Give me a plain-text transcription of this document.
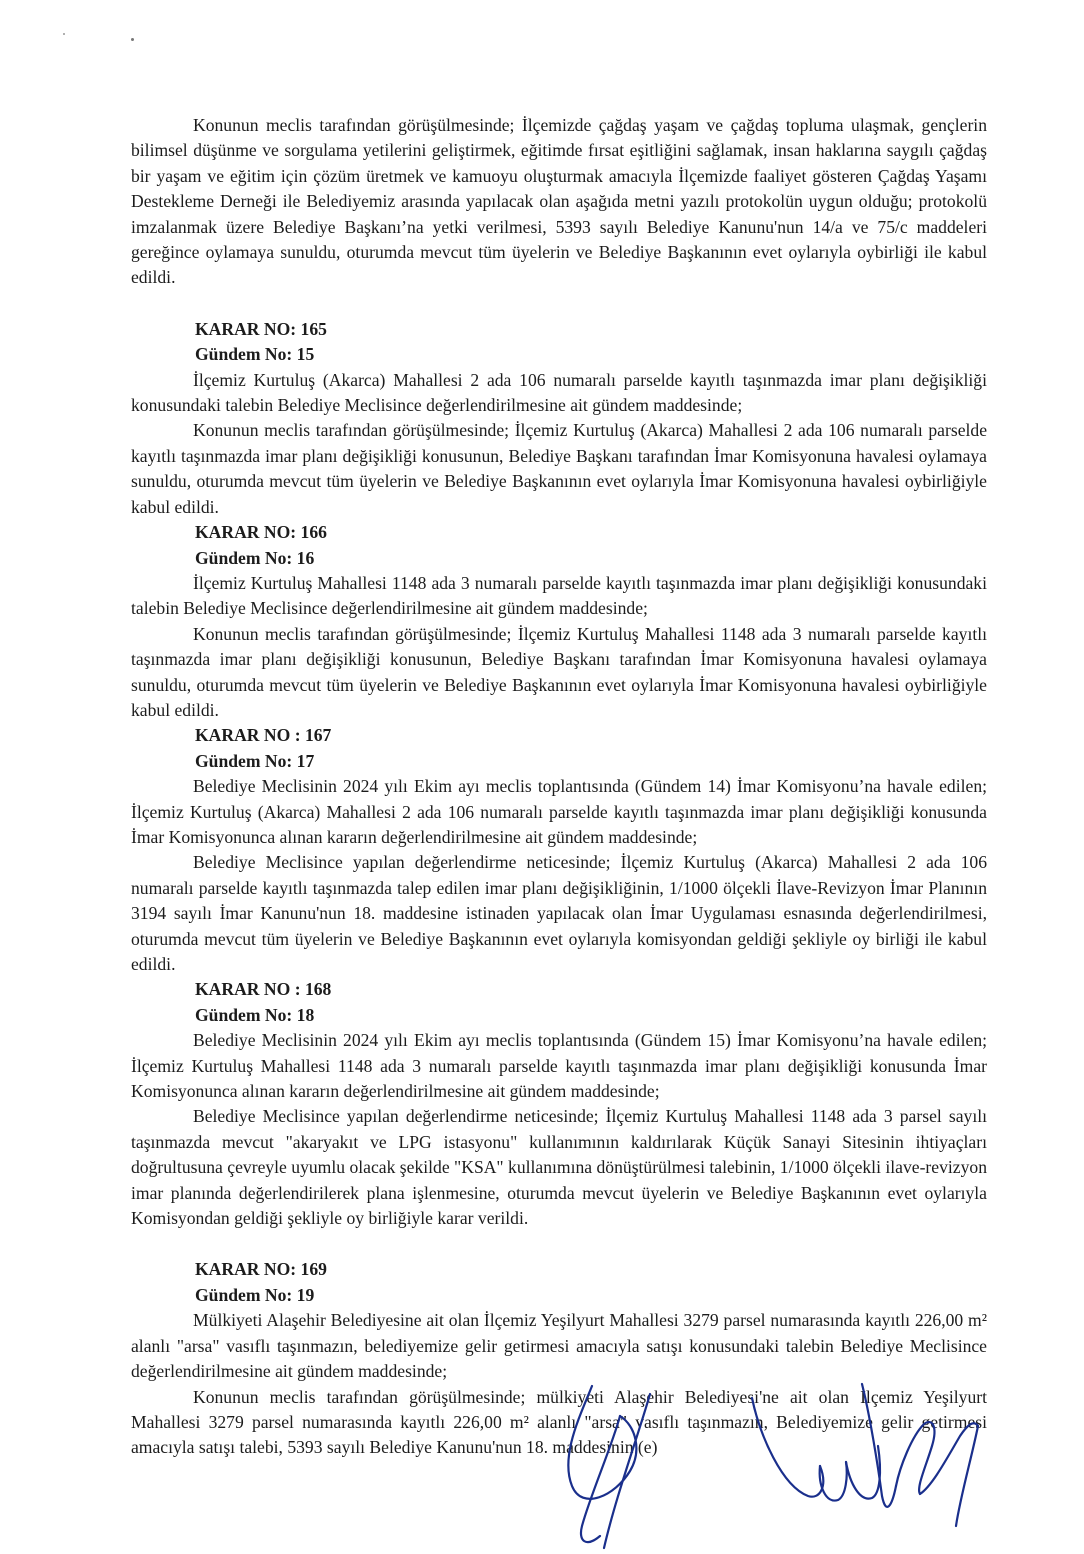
Konunun meclis tarafından görüşülmesinde; İlçemizde çağdaş yaşam ve çağdaş topluma ulaşmak, gençlerin bilimsel düşünme ve sorgulama yetilerini geliştirmek, eğitimde fırsat eşitliğini sağlamak, insan haklarına saygılı çağdaş bir yaşam ve eğitim için çözüm üretmek ve kamuoyu oluşturmak amacıyla İlçemizde faaliyet gösteren Çağdaş Yaşamı Destekleme Derneği ile Belediyemiz arasında yapılacak olan aşağıda metni yazılı protokolün uygun olduğu; protokolü imzalanmak üzere Belediye Başkanı’na yetki verilmesi, 5393 sayılı Belediye Kanunu'nun 14/a ve 75/c maddeleri gereğince oylamaya sunuldu, oturumda mevcut tüm üyelerin ve Belediye Başkanının evet oylarıyla oybirliği ile kabul edildi.

KARAR NO: 165
Gündem No: 15

İlçemiz Kurtuluş (Akarca) Mahallesi 2 ada 106 numaralı parselde kayıtlı taşınmazda imar planı değişikliği konusundaki talebin Belediye Meclisince değerlendirilmesine ait gündem maddesinde;

Konunun meclis tarafından görüşülmesinde; İlçemiz Kurtuluş (Akarca) Mahallesi 2 ada 106 numaralı parselde kayıtlı taşınmazda imar planı değişikliği konusunun, Belediye Başkanı tarafından İmar Komisyonuna havalesi oylamaya sunuldu, oturumda mevcut tüm üyelerin ve Belediye Başkanının evet oylarıyla İmar Komisyonuna havalesi oybirliğiyle kabul edildi.

KARAR NO: 166
Gündem No: 16

İlçemiz Kurtuluş Mahallesi 1148 ada 3 numaralı parselde kayıtlı taşınmazda imar planı değişikliği konusundaki talebin Belediye Meclisince değerlendirilmesine ait gündem maddesinde;

Konunun meclis tarafından görüşülmesinde; İlçemiz Kurtuluş Mahallesi 1148 ada 3 numaralı parselde kayıtlı taşınmazda imar planı değişikliği konusunun, Belediye Başkanı tarafından İmar Komisyonuna havalesi oylamaya sunuldu, oturumda mevcut tüm üyelerin ve Belediye Başkanının evet oylarıyla İmar Komisyonuna havalesi oybirliğiyle kabul edildi.

KARAR NO : 167
Gündem No: 17

Belediye Meclisinin 2024 yılı Ekim ayı meclis toplantısında (Gündem 14) İmar Komisyonu’na havale edilen; İlçemiz Kurtuluş (Akarca) Mahallesi 2 ada 106 numaralı parselde kayıtlı taşınmazda imar planı değişikliği konusunda İmar Komisyonunca alınan kararın değerlendirilmesine ait gündem maddesinde;

Belediye Meclisince yapılan değerlendirme neticesinde; İlçemiz Kurtuluş (Akarca) Mahallesi 2 ada 106 numaralı parselde kayıtlı taşınmazda talep edilen imar planı değişikliğinin, 1/1000 ölçekli İlave-Revizyon İmar Planının 3194 sayılı İmar Kanunu'nun 18. maddesine istinaden yapılacak olan İmar Uygulaması esnasında değerlendirilmesi, oturumda mevcut tüm üyelerin ve Belediye Başkanının evet oylarıyla komisyondan geldiği şekliyle oy birliği ile kabul edildi.

KARAR NO : 168
Gündem No: 18

Belediye Meclisinin 2024 yılı Ekim ayı meclis toplantısında (Gündem 15) İmar Komisyonu’na havale edilen; İlçemiz Kurtuluş Mahallesi 1148 ada 3 numaralı parselde kayıtlı taşınmazda imar planı değişikliği konusunda İmar Komisyonunca alınan kararın değerlendirilmesine ait gündem maddesinde;

Belediye Meclisince yapılan değerlendirme neticesinde; İlçemiz Kurtuluş Mahallesi 1148 ada 3 parsel sayılı taşınmazda mevcut "akaryakıt ve LPG istasyonu" kullanımının kaldırılarak Küçük Sanayi Sitesinin ihtiyaçları doğrultusuna çevreyle uyumlu olacak şekilde "KSA" kullanımına dönüştürülmesi talebinin, 1/1000 ölçekli ilave-revizyon imar planında değerlendirilerek plana işlenmesine, oturumda mevcut üyelerin ve Belediye Başkanının evet oylarıyla Komisyondan geldiği şekliyle oy birliğiyle karar verildi.

KARAR NO: 169
Gündem No: 19

Mülkiyeti Alaşehir Belediyesine ait olan İlçemiz Yeşilyurt Mahallesi 3279 parsel numarasında kayıtlı 226,00 m² alanlı "arsa" vasıflı taşınmazın, belediyemize gelir getirmesi amacıyla satışı konusundaki talebin Belediye Meclisince değerlendirilmesine ait gündem maddesinde;

Konunun meclis tarafından görüşülmesinde; mülkiyeti Alaşehir Belediyesi'ne ait olan İlçemiz Yeşilyurt Mahallesi 3279 parsel numarasında kayıtlı 226,00 m² alanlı "arsa" vasıflı taşınmazın, Belediyemize gelir getirmesi amacıyla satışı talebi, 5393 sayılı Belediye Kanunu'nun 18. maddesinin (e)
